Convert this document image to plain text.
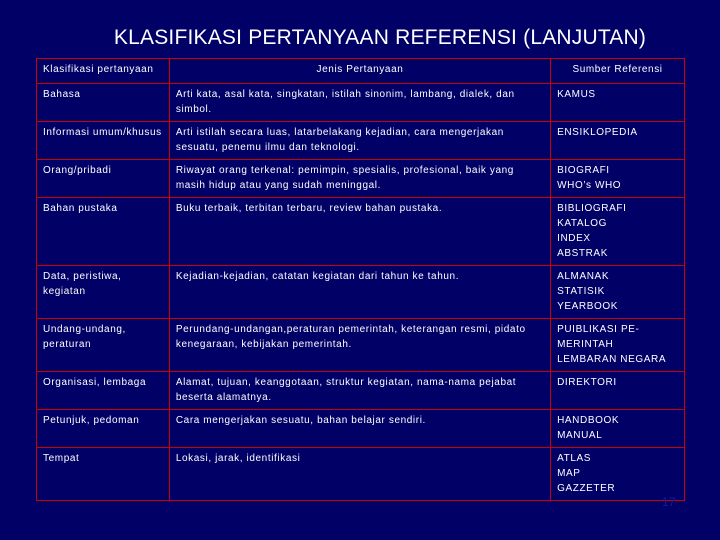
KLASIFIKASI PERTANYAAN REFERENSI (LANJUTAN)
Klasifikasi pertanyaan	Jenis Pertanyaan	Sumber Referensi
Bahasa	Arti kata, asal kata, singkatan, istilah sinonim, lambang, dialek, dan simbol.	KAMUS

Informasi umum/khusus	Arti istilah secara luas, latarbelakang kejadian, cara mengerjakan sesuatu, penemu ilmu dan teknologi.	ENSIKLOPEDIA

Orang/pribadi	Riwayat orang terkenal: pemimpin, spesialis, profesional, baik yang masih hidup atau yang sudah meninggal.	BIOGRAFI
WHO’s WHO

Bahan pustaka	Buku terbaik, terbitan terbaru, review bahan pustaka.	BIBLIOGRAFI
KATALOG
INDEX
ABSTRAK

Data, peristiwa, kegiatan	Kejadian-kejadian, catatan kegiatan dari tahun ke tahun.	ALMANAK
STATISIK
YEARBOOK

Undang-undang, peraturan	Perundang-undangan,peraturan pemerintah, keterangan resmi, pidato kenegaraan, kebijakan pemerintah.	PUIBLIKASI PE-
MERINTAH
LEMBARAN NEGARA

Organisasi, lembaga	Alamat, tujuan, keanggotaan, struktur kegiatan, nama-nama pejabat beserta alamatnya.	DIREKTORI

Petunjuk, pedoman	Cara mengerjakan sesuatu, bahan belajar sendiri.	HANDBOOK
MANUAL

Tempat	Lokasi, jarak, identifikasi	ATLAS
MAP
GAZZETER
17
